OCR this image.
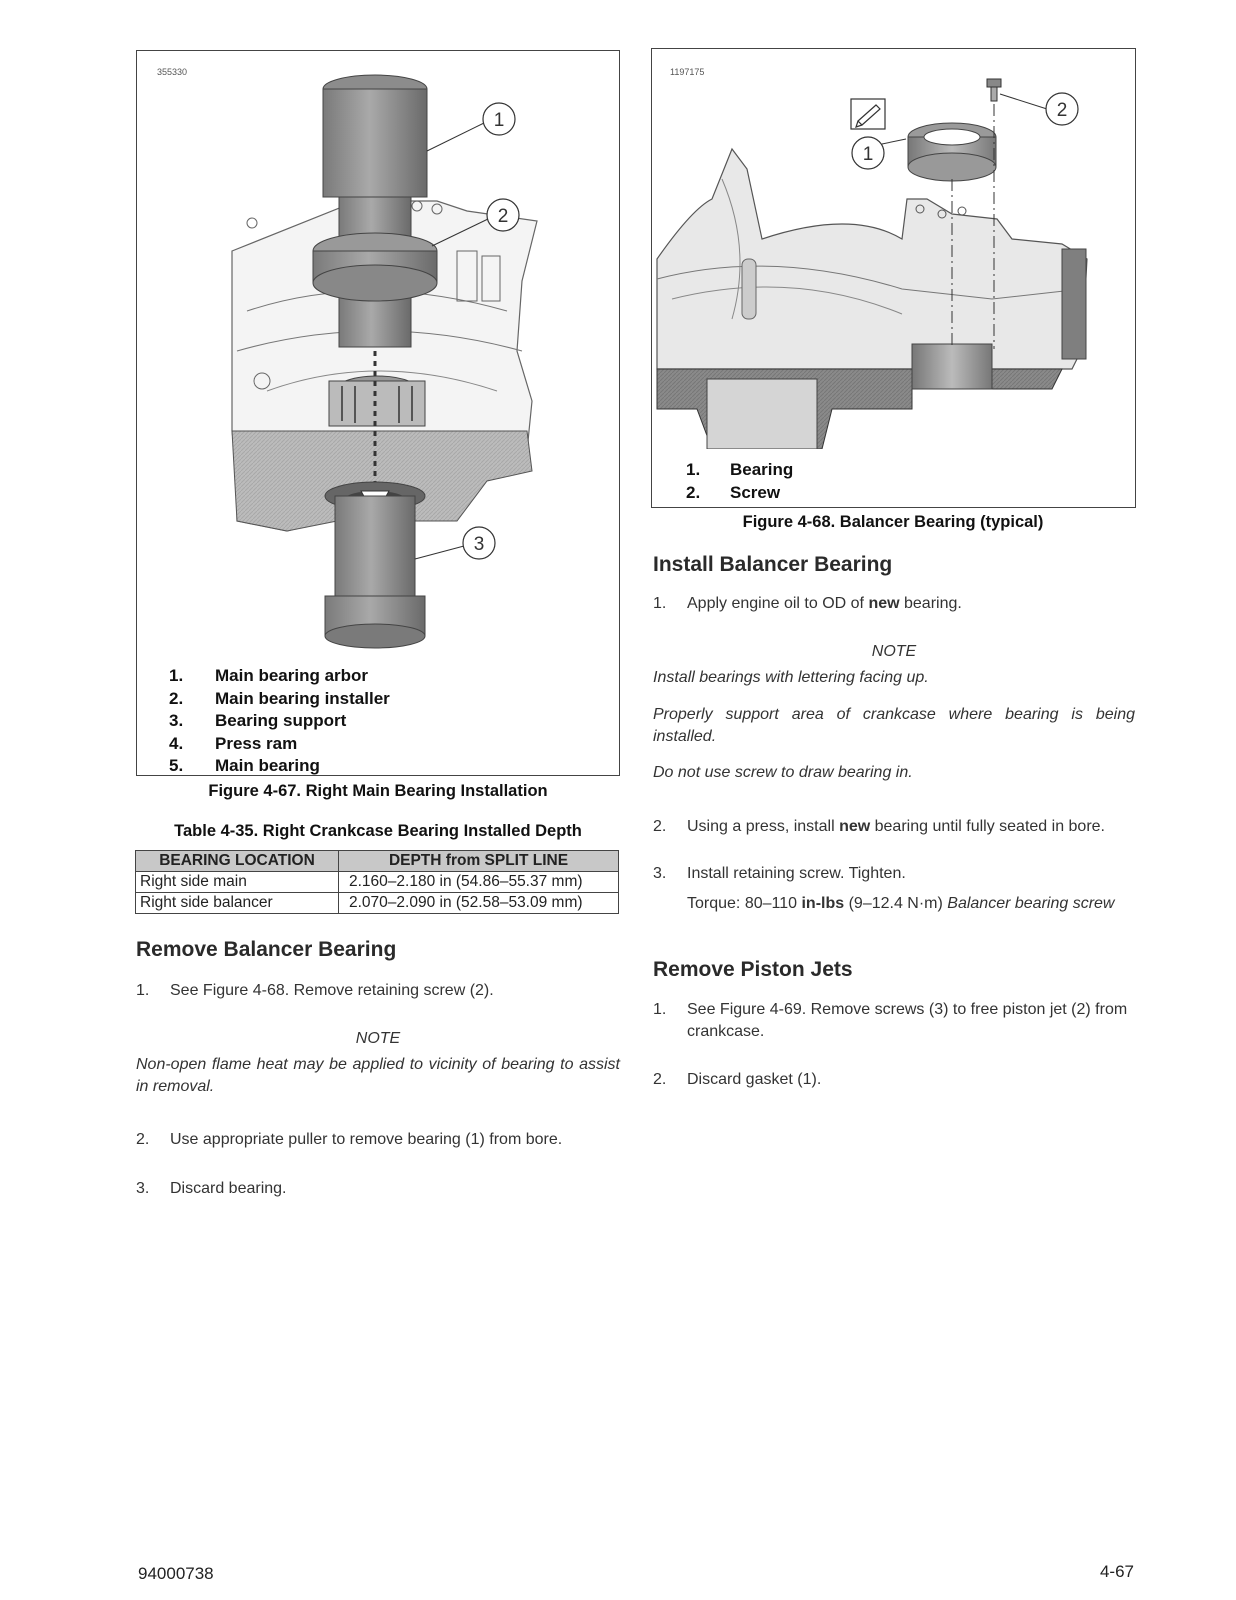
355330
1
2
3
1.	Main bearing arbor
2.	Main bearing installer
3.	Bearing support
4.	Press ram
5.	Main bearing
Figure 4-67. Right Main Bearing Installation
Table 4-35. Right Crankcase Bearing Installed Depth
BEARING LOCATION	DEPTH from SPLIT LINE
Right side main	2.160–2.180 in (54.86–55.37 mm)
Right side balancer	2.070–2.090 in (52.58–53.09 mm)
Remove Balancer Bearing
1. See Figure 4-68. Remove retaining screw (2).
NOTE
Non-open flame heat may be applied to vicinity of bearing to assist in removal.
2. Use appropriate puller to remove bearing (1) from bore.
3. Discard bearing.
1197175
1
2
1.	Bearing
2.	Screw
Figure 4-68. Balancer Bearing (typical)
Install Balancer Bearing
1. Apply engine oil to OD of new bearing.
NOTE
Install bearings with lettering facing up.
Properly support area of crankcase where bearing is being installed.
Do not use screw to draw bearing in.
2. Using a press, install new bearing until fully seated in bore.
3. Install retaining screw. Tighten.
Torque: 80–110 in-lbs (9–12.4 N·m) Balancer bearing screw
Remove Piston Jets
1. See Figure 4-69. Remove screws (3) to free piston jet (2) from crankcase.
2. Discard gasket (1).
94000738	4-67
